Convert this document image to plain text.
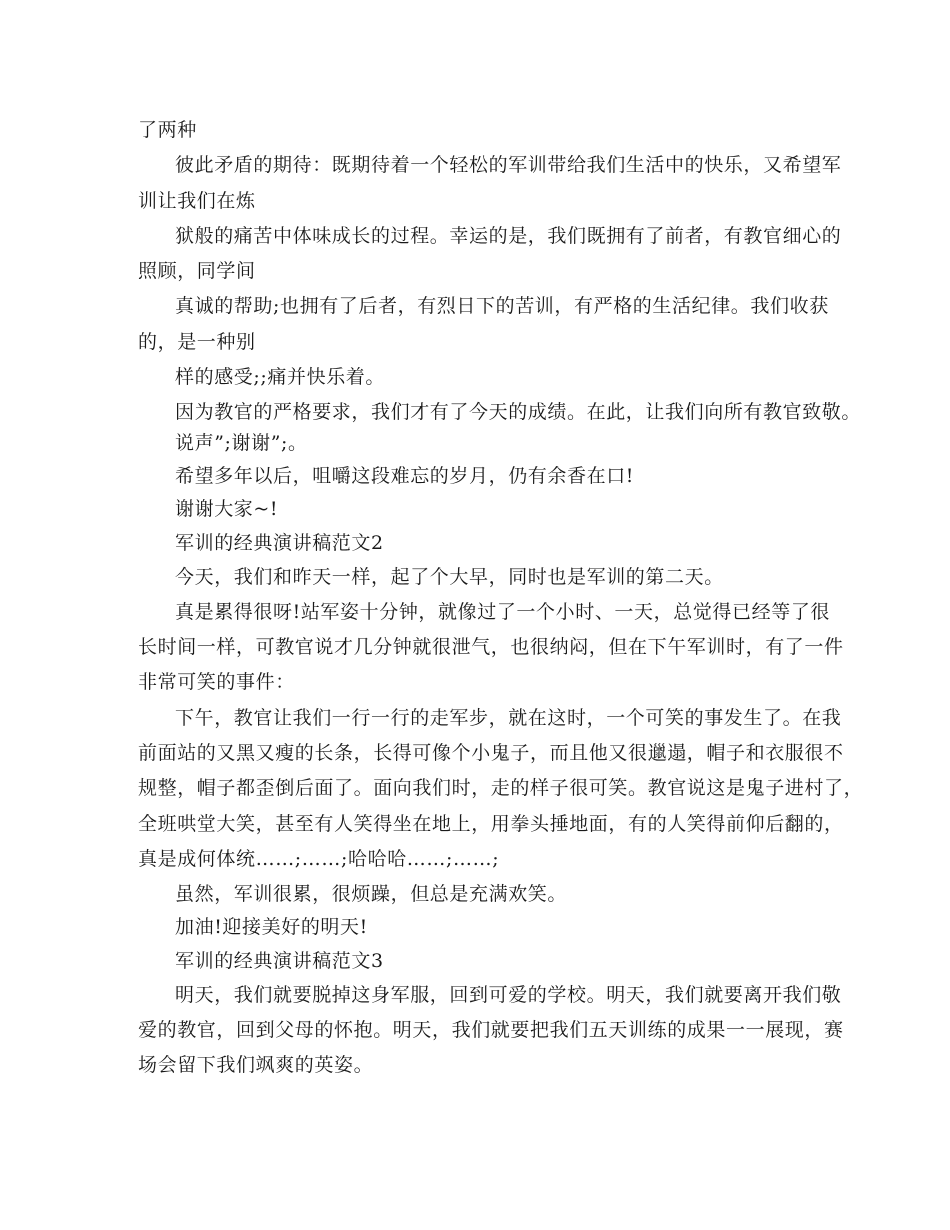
了两种
彼此矛盾的期待：既期待着一个轻松的军训带给我们生活中的快乐，又希望军
训让我们在炼
狱般的痛苦中体味成长的过程。幸运的是，我们既拥有了前者，有教官细心的
照顾，同学间
真诚的帮助;也拥有了后者，有烈日下的苦训，有严格的生活纪律。我们收获
的，是一种别
样的感受;;痛并快乐着。
因为教官的严格要求，我们才有了今天的成绩。在此，让我们向所有教官致敬。
说声”;谢谢”;。
希望多年以后，咀嚼这段难忘的岁月，仍有余香在口!
谢谢大家~!
军训的经典演讲稿范文2
今天，我们和昨天一样，起了个大早，同时也是军训的第二天。
真是累得很呀!站军姿十分钟，就像过了一个小时、一天，总觉得已经等了很
长时间一样，可教官说才几分钟就很泄气，也很纳闷，但在下午军训时，有了一件
非常可笑的事件：
下午，教官让我们一行一行的走军步，就在这时，一个可笑的事发生了。在我
前面站的又黑又瘦的长条，长得可像个小鬼子，而且他又很邋遢，帽子和衣服很不
规整，帽子都歪倒后面了。面向我们时，走的样子很可笑。教官说这是鬼子进村了，
全班哄堂大笑，甚至有人笑得坐在地上，用拳头捶地面，有的人笑得前仰后翻的，
真是成何体统……;……;哈哈哈……;……;
虽然，军训很累，很烦躁，但总是充满欢笑。
加油!迎接美好的明天!
军训的经典演讲稿范文3
明天，我们就要脱掉这身军服，回到可爱的学校。明天，我们就要离开我们敬
爱的教官，回到父母的怀抱。明天，我们就要把我们五天训练的成果一一展现，赛
场会留下我们飒爽的英姿。
